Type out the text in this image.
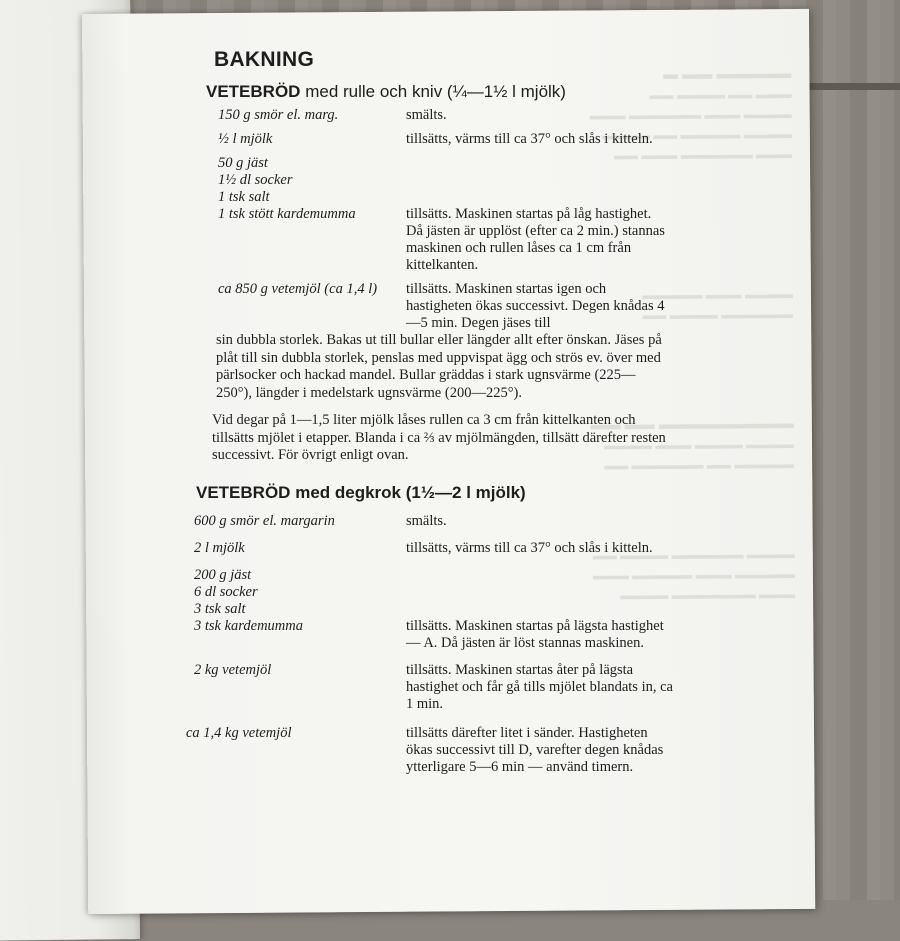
▬▬▬▬▬ ▬▬ ▬
▬▬▬ ▬▬ ▬▬▬▬ ▬▬
▬▬▬▬ ▬▬▬ ▬▬▬▬▬▬ ▬▬▬
▬▬▬▬ ▬▬▬▬▬ ▬▬ ▬▬▬▬
▬▬▬ ▬▬▬▬▬▬ ▬▬▬ ▬▬
▬▬▬▬ ▬▬▬ ▬▬▬▬▬
▬▬▬▬▬▬ ▬▬▬▬ ▬▬
▬▬▬▬▬▬▬▬▬ ▬▬ ▬▬
▬▬▬▬ ▬▬▬▬ ▬▬▬ ▬▬▬▬
▬▬▬▬▬ ▬▬ ▬▬▬▬▬▬ ▬▬
▬▬▬▬ ▬▬▬▬▬▬ ▬▬▬▬ ▬▬
▬▬▬▬▬ ▬▬▬ ▬▬▬▬▬ ▬▬▬
▬▬▬ ▬▬▬▬▬▬▬ ▬▬▬▬
BAKNING
VETEBRÖD med rulle och kniv (¼—1½ l mjölk)
150 g smör el. marg.	smälts.
½ l mjölk	tillsätts, värms till ca 37° och slås i kitteln.
50 g jäst
1½ dl socker
1 tsk salt
1 tsk stött kardemumma	tillsätts. Maskinen startas på låg hastighet. Då jästen är upplöst (efter ca 2 min.) stannas maskinen och rullen låses ca 1 cm från kittelkanten.
ca 850 g vetemjöl (ca 1,4 l)	tillsätts. Maskinen startas igen och hastigheten ökas successivt. Degen knådas 4—5 min. Degen jäses till

sin dubbla storlek. Bakas ut till bullar eller längder allt efter önskan. Jäses på plåt till sin dubbla storlek, penslas med uppvispat ägg och strös ev. över med pärlsocker och hackad mandel. Bullar gräddas i stark ugnsvärme (225—250°), längder i medelstark ugnsvärme (200—225°).

Vid degar på 1—1,5 liter mjölk låses rullen ca 3 cm från kittelkanten och tillsätts mjölet i etapper. Blanda i ca ⅔ av mjölmängden, tillsätt därefter resten successivt. För övrigt enligt ovan.

VETEBRÖD med degkrok (1½—2 l mjölk)
600 g smör el. margarin	smälts.
2 l mjölk	tillsätts, värms till ca 37° och slås i kitteln.
200 g jäst
6 dl socker
3 tsk salt
3 tsk kardemumma	tillsätts. Maskinen startas på lägsta hastighet — A. Då jästen är löst stannas maskinen.
2 kg vetemjöl	tillsätts. Maskinen startas åter på lägsta hastighet och får gå tills mjölet blandats in, ca 1 min.
ca 1,4 kg vetemjöl	tillsätts därefter litet i sänder. Hastigheten ökas successivt till D, varefter degen knådas ytterligare 5—6 min — använd timern.
